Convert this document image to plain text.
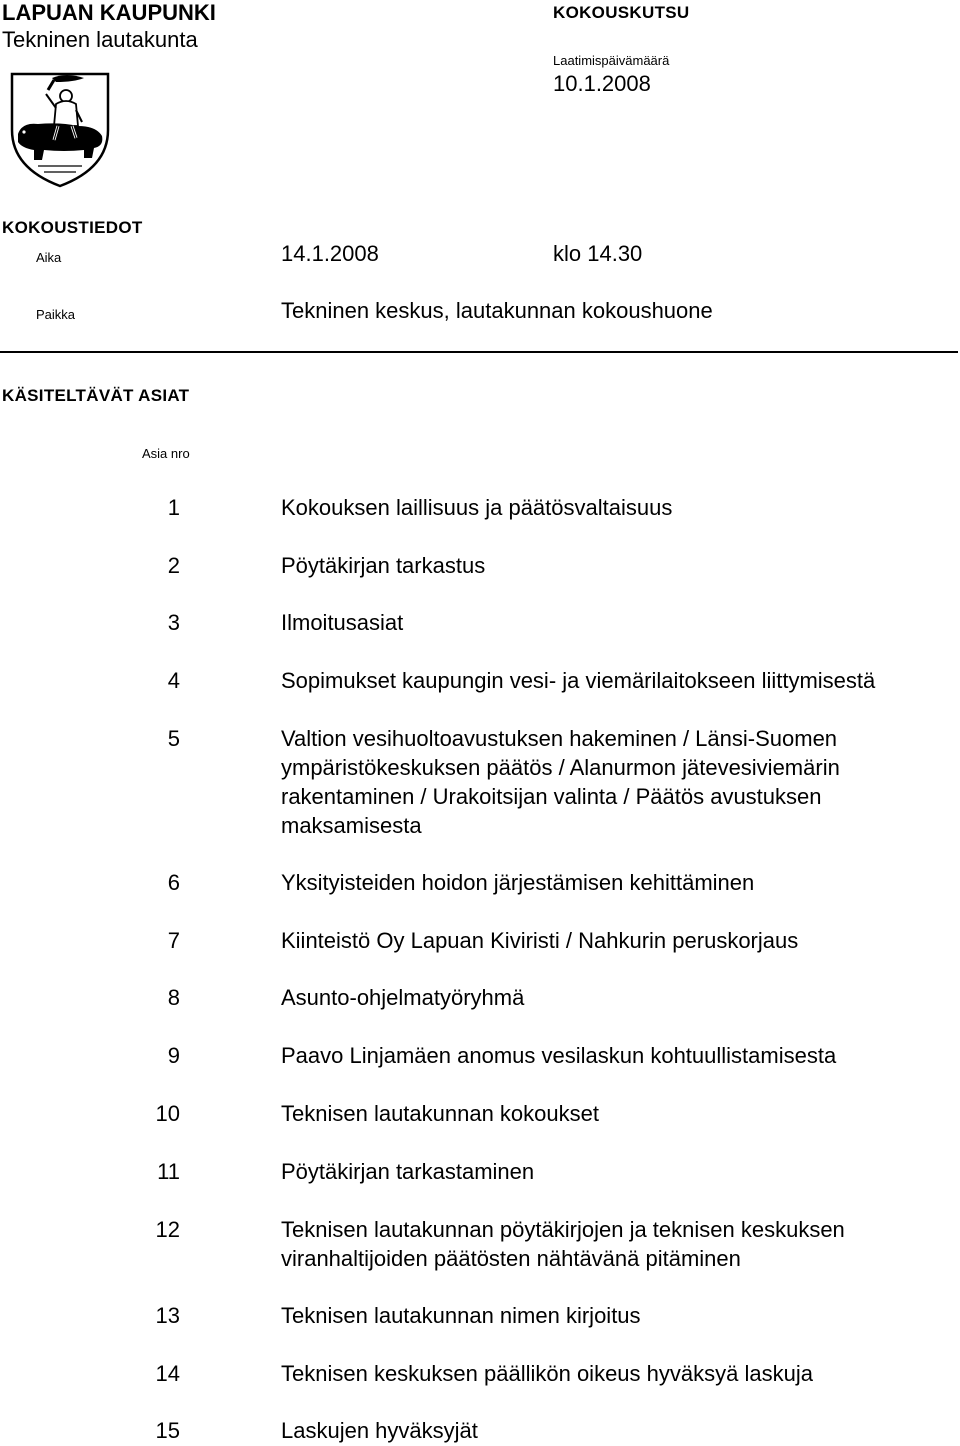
LAPUAN KAUPUNKI
Tekninen lautakunta
KOKOUSKUTSU
Laatimispäivämäärä
10.1.2008
KOKOUSTIEDOT
Aika	14.1.2008	klo 14.30
Paikka	Tekninen keskus, lautakunnan kokoushuone
KÄSITELTÄVÄT ASIAT
Asia nro
1	Kokouksen laillisuus ja päätösvaltaisuus
2	Pöytäkirjan tarkastus
3	Ilmoitusasiat
4	Sopimukset kaupungin vesi- ja viemärilaitokseen liittymisestä
5	Valtion vesihuoltoavustuksen hakeminen / Länsi-Suomen ympäristökeskuksen päätös / Alanurmon jätevesiviemärin rakentaminen / Urakoitsijan valinta / Päätös avustuksen maksamisesta
6	Yksityisteiden hoidon järjestämisen kehittäminen
7	Kiinteistö Oy Lapuan Kiviristi / Nahkurin peruskorjaus
8	Asunto-ohjelmatyöryhmä
9	Paavo Linjamäen anomus vesilaskun kohtuullistamisesta
10	Teknisen lautakunnan kokoukset
11	Pöytäkirjan tarkastaminen
12	Teknisen lautakunnan pöytäkirjojen ja teknisen keskuksen viranhaltijoiden päätösten nähtävänä pitäminen
13	Teknisen lautakunnan nimen kirjoitus
14	Teknisen keskuksen päällikön oikeus hyväksyä laskuja
15	Laskujen hyväksyjät
